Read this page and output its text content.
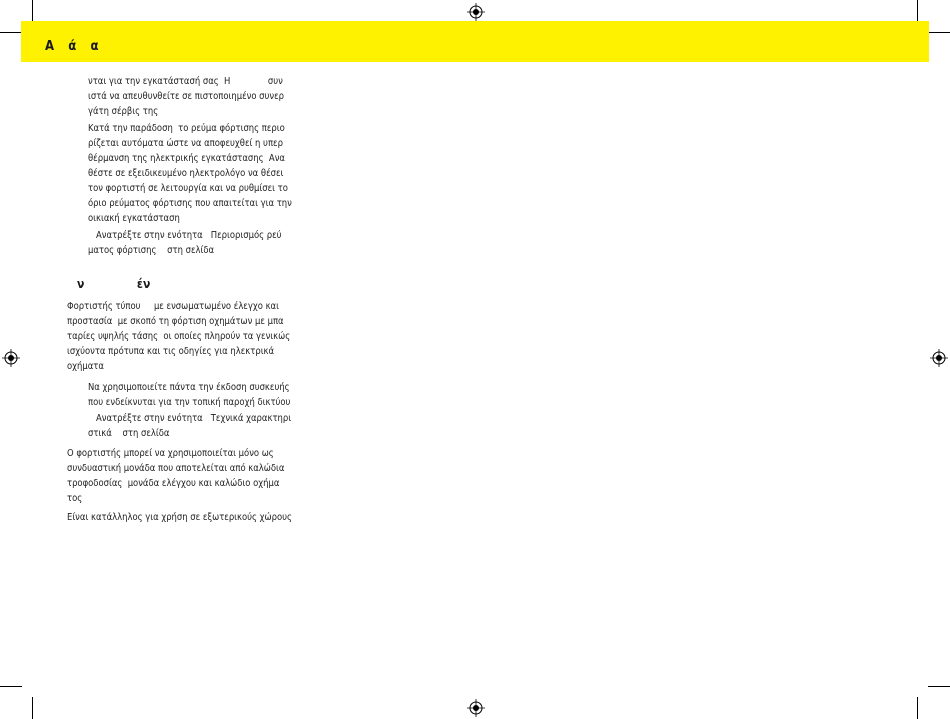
Α   ά   α
νται για την εγκατάστασή σας  Η              συν
ιστά να απευθυνθείτε σε πιστοποιημένο συνερ
γάτη σέρβις της
Κατά την παράδοση  το ρεύμα φόρτισης περιο
ρίζεται αυτόματα ώστε να αποφευχθεί η υπερ
θέρμανση της ηλεκτρικής εγκατάστασης  Ανα
θέστε σε εξειδικευμένο ηλεκτρολόγο να θέσει
τον φορτιστή σε λειτουργία και να ρυθμίσει το
όριο ρεύματος φόρτισης που απαιτείται για την
οικιακή εγκατάσταση
Ανατρέξτε στην ενότητα   Περιορισμός ρεύ
ματος φόρτισης    στη σελίδα
ν              έν
Φορτιστής τύπου     με ενσωματωμένο έλεγχο και
προστασία  με σκοπό τη φόρτιση οχημάτων με μπα
ταρίες υψηλής τάσης  οι οποίες πληρούν τα γενικώς
ισχύοντα πρότυπα και τις οδηγίες για ηλεκτρικά
οχήματα
Να χρησιμοποιείτε πάντα την έκδοση συσκευής
που ενδείκνυται για την τοπική παροχή δικτύου
Ανατρέξτε στην ενότητα   Τεχνικά χαρακτηρι
στικά    στη σελίδα
Ο φορτιστής μπορεί να χρησιμοποιείται μόνο ως
συνδυαστική μονάδα που αποτελείται από καλώδια
τροφοδοσίας  μονάδα ελέγχου και καλώδιο οχήμα
τος
Είναι κατάλληλος για χρήση σε εξωτερικούς χώρους
